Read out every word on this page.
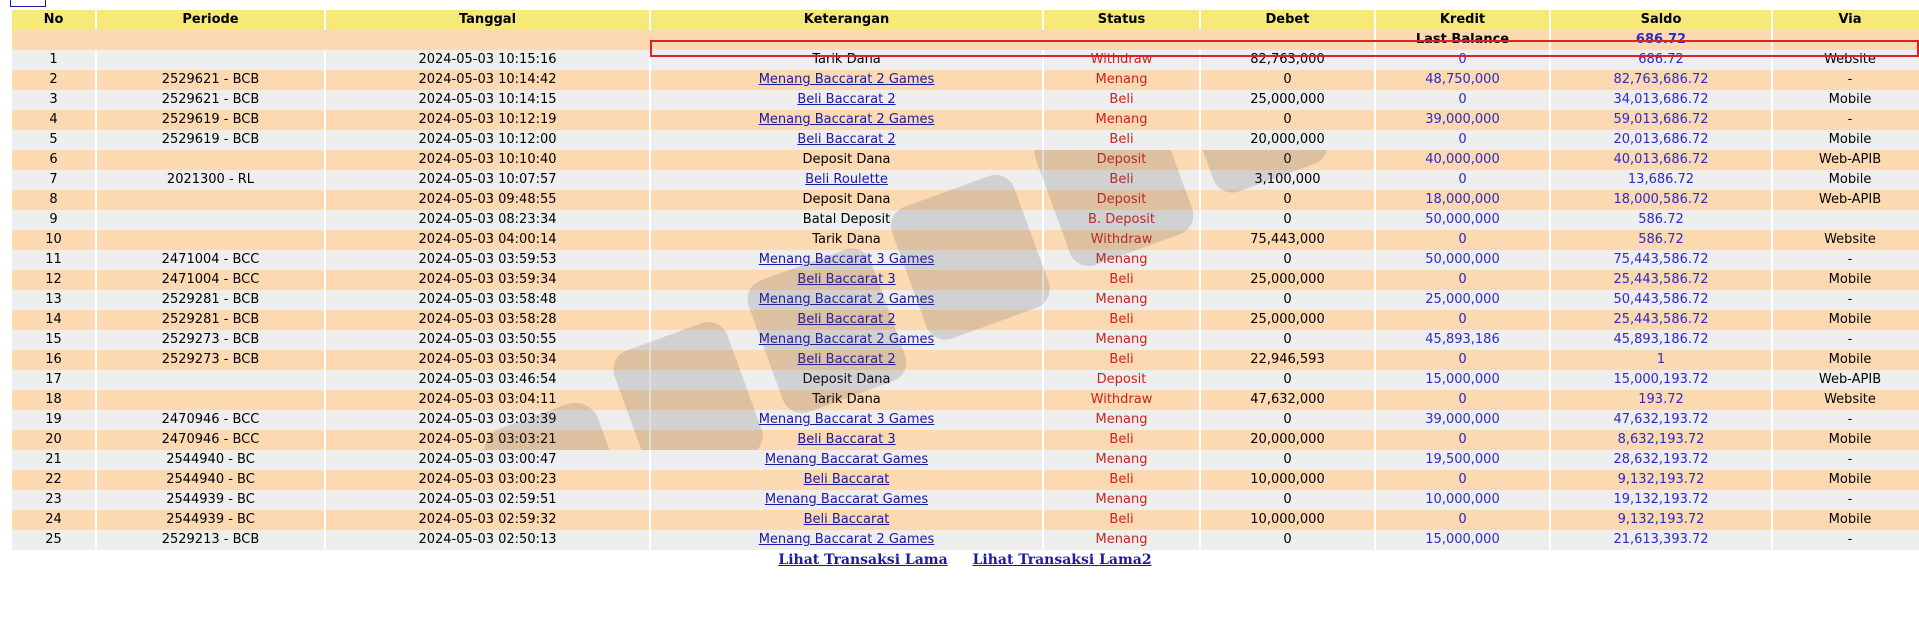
No	Periode	Tanggal	Keterangan	Status	Debet	Kredit	Saldo	Via
						Last Balance	686.72	
1		2024-05-03 10:15:16	Tarik Dana	Withdraw	82,763,000	0	686.72	Website
2	2529621 - BCB	2024-05-03 10:14:42	Menang Baccarat 2 Games	Menang	0	48,750,000	82,763,686.72	-
3	2529621 - BCB	2024-05-03 10:14:15	Beli Baccarat 2	Beli	25,000,000	0	34,013,686.72	Mobile
4	2529619 - BCB	2024-05-03 10:12:19	Menang Baccarat 2 Games	Menang	0	39,000,000	59,013,686.72	-
5	2529619 - BCB	2024-05-03 10:12:00	Beli Baccarat 2	Beli	20,000,000	0	20,013,686.72	Mobile
6		2024-05-03 10:10:40	Deposit Dana	Deposit	0	40,000,000	40,013,686.72	Web-APIB
7	2021300 - RL	2024-05-03 10:07:57	Beli Roulette	Beli	3,100,000	0	13,686.72	Mobile
8		2024-05-03 09:48:55	Deposit Dana	Deposit	0	18,000,000	18,000,586.72	Web-APIB
9		2024-05-03 08:23:34	Batal Deposit	B. Deposit	0	50,000,000	586.72	
10		2024-05-03 04:00:14	Tarik Dana	Withdraw	75,443,000	0	586.72	Website
11	2471004 - BCC	2024-05-03 03:59:53	Menang Baccarat 3 Games	Menang	0	50,000,000	75,443,586.72	-
12	2471004 - BCC	2024-05-03 03:59:34	Beli Baccarat 3	Beli	25,000,000	0	25,443,586.72	Mobile
13	2529281 - BCB	2024-05-03 03:58:48	Menang Baccarat 2 Games	Menang	0	25,000,000	50,443,586.72	-
14	2529281 - BCB	2024-05-03 03:58:28	Beli Baccarat 2	Beli	25,000,000	0	25,443,586.72	Mobile
15	2529273 - BCB	2024-05-03 03:50:55	Menang Baccarat 2 Games	Menang	0	45,893,186	45,893,186.72	-
16	2529273 - BCB	2024-05-03 03:50:34	Beli Baccarat 2	Beli	22,946,593	0	1	Mobile
17		2024-05-03 03:46:54	Deposit Dana	Deposit	0	15,000,000	15,000,193.72	Web-APIB
18		2024-05-03 03:04:11	Tarik Dana	Withdraw	47,632,000	0	193.72	Website
19	2470946 - BCC	2024-05-03 03:03:39	Menang Baccarat 3 Games	Menang	0	39,000,000	47,632,193.72	-
20	2470946 - BCC	2024-05-03 03:03:21	Beli Baccarat 3	Beli	20,000,000	0	8,632,193.72	Mobile
21	2544940 - BC	2024-05-03 03:00:47	Menang Baccarat Games	Menang	0	19,500,000	28,632,193.72	-
22	2544940 - BC	2024-05-03 03:00:23	Beli Baccarat	Beli	10,000,000	0	9,132,193.72	Mobile
23	2544939 - BC	2024-05-03 02:59:51	Menang Baccarat Games	Menang	0	10,000,000	19,132,193.72	-
24	2544939 - BC	2024-05-03 02:59:32	Beli Baccarat	Beli	10,000,000	0	9,132,193.72	Mobile
25	2529213 - BCB	2024-05-03 02:50:13	Menang Baccarat 2 Games	Menang	0	15,000,000	21,613,393.72	-
Lihat Transaksi Lama Lihat Transaksi Lama2
